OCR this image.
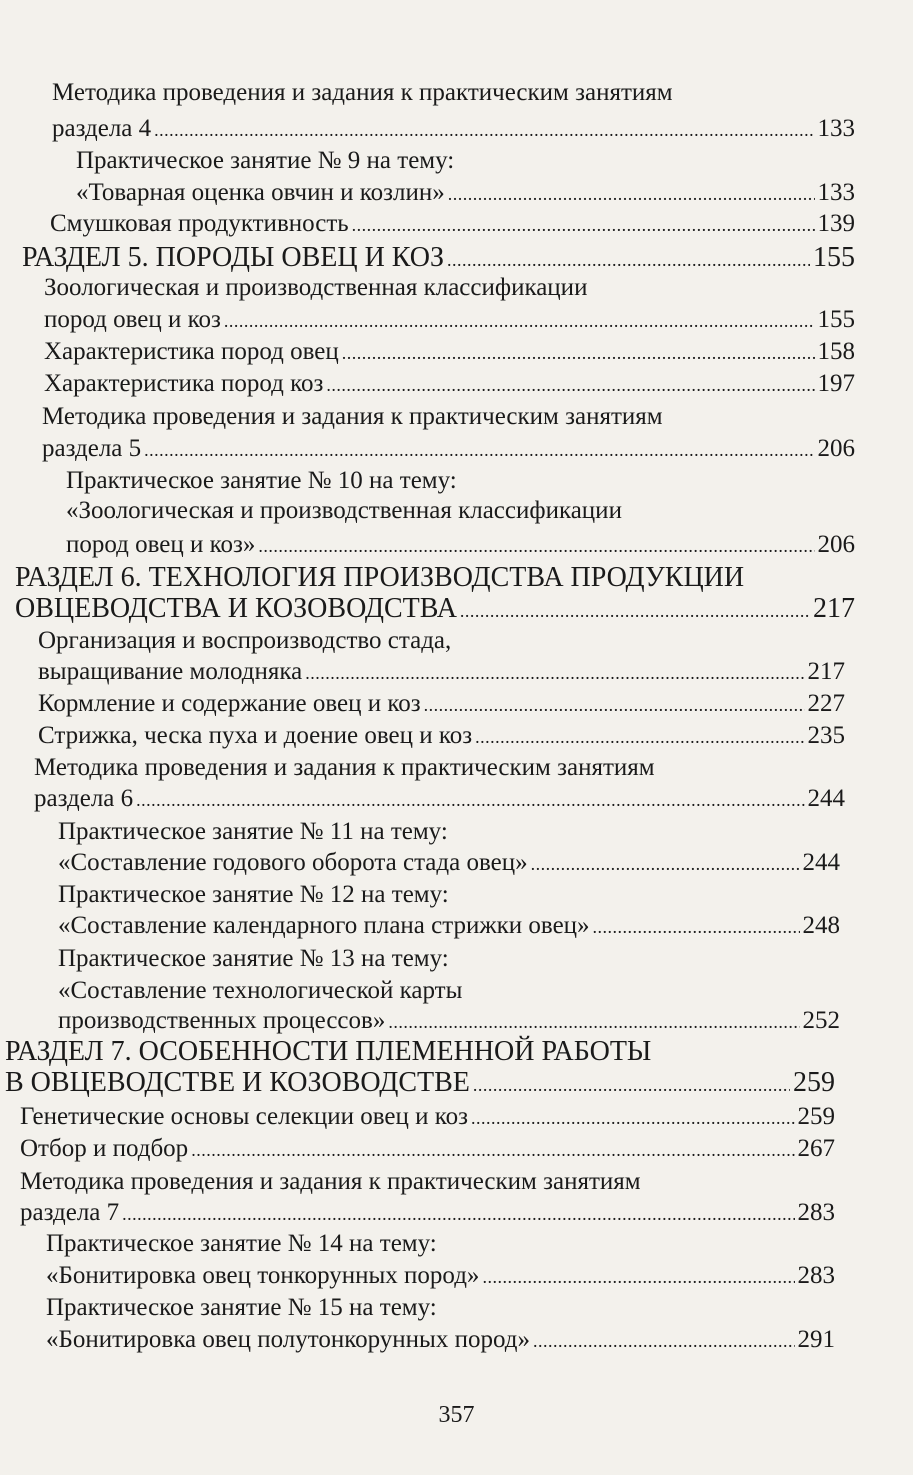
Методика проведения и задания к практическим занятиям
раздела 4 . . .	133
Практическое занятие № 9 на тему:
«Товарная оценка овчин и козлин» . . .	133
Смушковая продуктивность . . .	139
РАЗДЕЛ 5. ПОРОДЫ ОВЕЦ И КОЗ . . .	155
Зоологическая и производственная классификации
пород овец и коз . . .	155
Характеристика пород овец . . .	158
Характеристика пород коз . . .	197
Методика проведения и задания к практическим занятиям
раздела 5 . . .	206
Практическое занятие № 10 на тему:
«Зоологическая и производственная классификации
пород овец и коз» . . .	206
РАЗДЕЛ 6. ТЕХНОЛОГИЯ ПРОИЗВОДСТВА ПРОДУКЦИИ
ОВЦЕВОДСТВА И КОЗОВОДСТВА . . .	217
Организация и воспроизводство стада,
выращивание молодняка . . .	217
Кормление и содержание овец и коз . . .	227
Стрижка, ческа пуха и доение овец и коз . . .	235
Методика проведения и задания к практическим занятиям
раздела 6 . . .	244
Практическое занятие № 11 на тему:
«Составление годового оборота стада овец» . . .	244
Практическое занятие № 12 на тему:
«Составление календарного плана стрижки овец» . . .	248
Практическое занятие № 13 на тему:
«Составление технологической карты
производственных процессов» . . .	252
РАЗДЕЛ 7. ОСОБЕННОСТИ ПЛЕМЕННОЙ РАБОТЫ
В ОВЦЕВОДСТВЕ И КОЗОВОДСТВЕ . . .	259
Генетические основы селекции овец и коз . . .	259
Отбор и подбор . . .	267
Методика проведения и задания к практическим занятиям
раздела 7 . . .	283
Практическое занятие № 14 на тему:
«Бонитировка овец тонкорунных пород» . . .	283
Практическое занятие № 15 на тему:
«Бонитировка овец полутонкорунных пород» . . .	291
357
